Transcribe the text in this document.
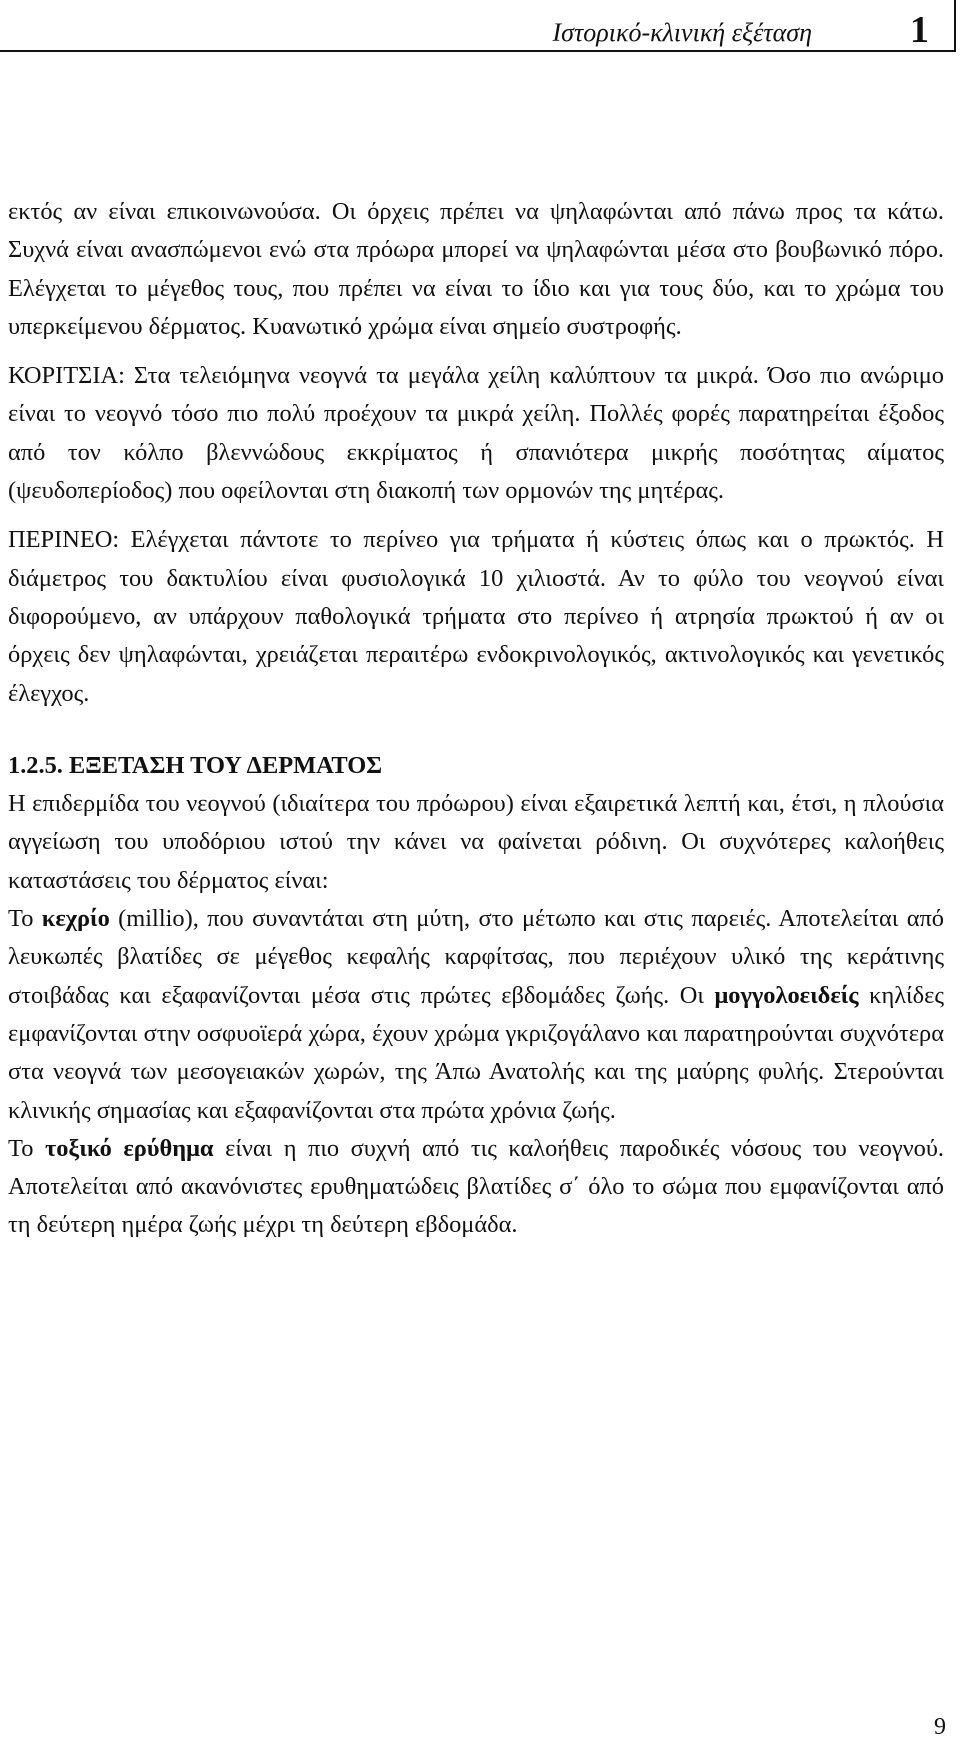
Ιστορικό-κλινική εξέταση	1

εκτός αν είναι επικοινωνούσα. Οι όρχεις πρέπει να ψηλαφώνται από πάνω προς τα κάτω. Συχνά είναι ανασπώμενοι ενώ στα πρόωρα μπορεί να ψηλαφώνται μέσα στο βουβωνικό πόρο. Ελέγχεται το μέγεθος τους, που πρέπει να είναι το ίδιο και για τους δύο, και το χρώμα του υπερκείμενου δέρματος. Κυανωτικό χρώμα είναι σημείο συστροφής.

ΚΟΡΙΤΣΙΑ: Στα τελειόμηνα νεογνά τα μεγάλα χείλη καλύπτουν τα μικρά. Όσο πιο ανώριμο είναι το νεογνό τόσο πιο πολύ προέχουν τα μικρά χείλη. Πολλές φορές παρατηρείται έξοδος από τον κόλπο βλεννώδους εκκρίματος ή σπανιότερα μικρής ποσότητας αίματος (ψευδοπερίοδος) που οφείλονται στη διακοπή των ορμονών της μητέρας.

ΠΕΡΙΝΕΟ: Ελέγχεται πάντοτε το περίνεο για τρήματα ή κύστεις όπως και ο πρωκτός. Η διάμετρος του δακτυλίου είναι φυσιολογικά 10 χιλιοστά. Αν το φύλο του νεογνού είναι διφορούμενο, αν υπάρχουν παθολογικά τρήματα στο περίνεο ή ατρησία πρωκτού ή αν οι όρχεις δεν ψηλαφώνται, χρειάζεται περαιτέρω ενδοκρινολογικός, ακτινολογικός και γενετικός έλεγχος.

1.2.5. ΕΞΕΤΑΣΗ ΤΟΥ ΔΕΡΜΑΤΟΣ

Η επιδερμίδα του νεογνού (ιδιαίτερα του πρόωρου) είναι εξαιρετικά λεπτή και, έτσι, η πλούσια αγγείωση του υποδόριου ιστού την κάνει να φαίνεται ρόδινη. Οι συχνότερες καλοήθεις καταστάσεις του δέρματος είναι:

Το κεχρίο (millio), που συναντάται στη μύτη, στο μέτωπο και στις παρειές. Αποτελείται από λευκωπές βλατίδες σε μέγεθος κεφαλής καρφίτσας, που περιέχουν υλικό της κεράτινης στοιβάδας και εξαφανίζονται μέσα στις πρώτες εβδομάδες ζωής. Οι μογγολοειδείς κηλίδες εμφανίζονται στην οσφυοϊερά χώρα, έχουν χρώμα γκριζογάλανο και παρατηρούνται συχνότερα στα νεογνά των μεσογειακών χωρών, της Άπω Ανατολής και της μαύρης φυλής. Στερούνται κλινικής σημασίας και εξαφανίζονται στα πρώτα χρόνια ζωής.

Το τοξικό ερύθημα είναι η πιο συχνή από τις καλοήθεις παροδικές νόσους του νεογνού. Αποτελείται από ακανόνιστες ερυθηματώδεις βλατίδες σ΄ όλο το σώμα που εμφανίζονται από τη δεύτερη ημέρα ζωής μέχρι τη δεύτερη εβδομάδα.

9
